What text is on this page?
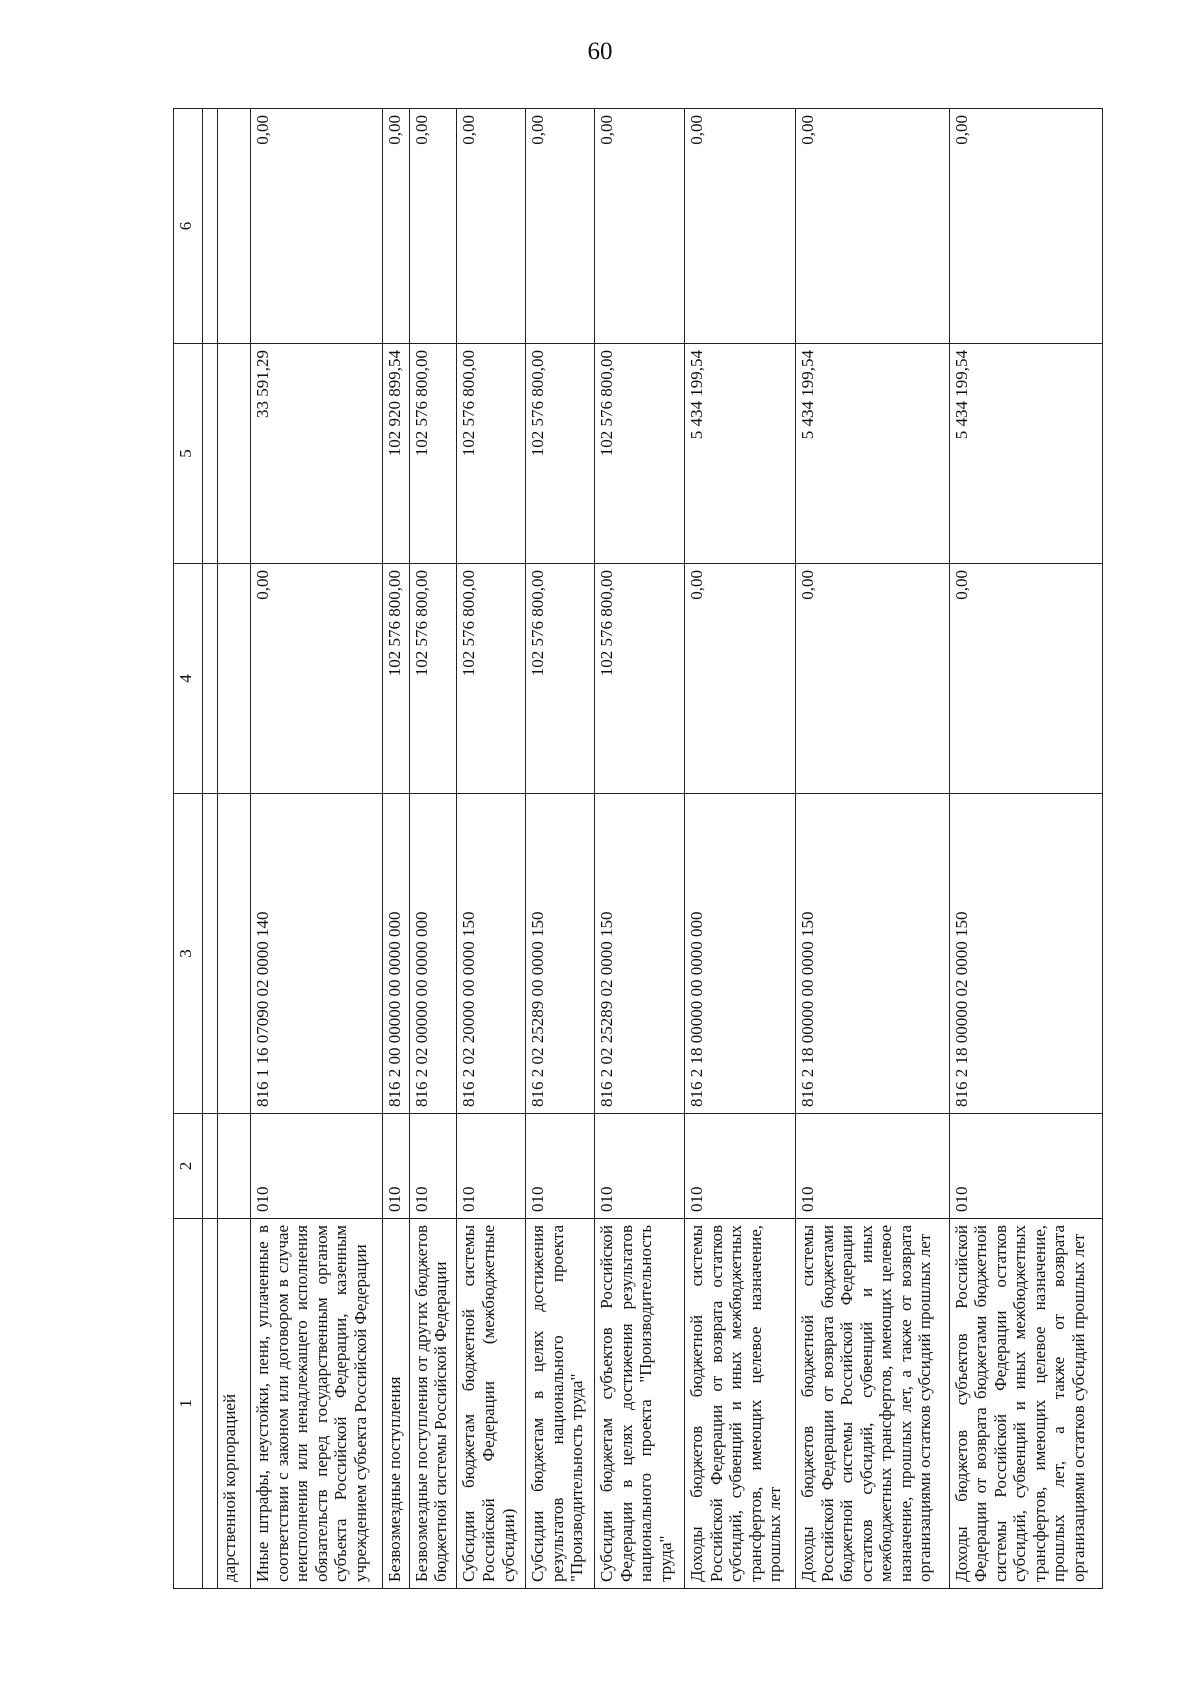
60
1	2	3	4	5	6

дарственной корпорацией					
Иные штрафы, неустойки, пени, уплаченные в соответствии с законом или договором в случае неисполнения или ненадлежащего исполнения обязательств перед государственным органом субъекта Российской Федерации, казенным учреждением субъекта Российской Федерации	010	816 1 16 07090 02 0000 140	0,00	33 591,29	0,00
Безвозмездные поступления	010	816 2 00 00000 00 0000 000	102 576 800,00	102 920 899,54	0,00
Безвозмездные поступления от других бюджетов бюджетной системы Российской Федерации	010	816 2 02 00000 00 0000 000	102 576 800,00	102 576 800,00	0,00
Субсидии бюджетам бюджетной системы Российской Федерации (межбюджетные субсидии)	010	816 2 02 20000 00 0000 150	102 576 800,00	102 576 800,00	0,00
Субсидии бюджетам в целях достижения результатов национального проекта "Производительность труда"	010	816 2 02 25289 00 0000 150	102 576 800,00	102 576 800,00	0,00
Субсидии бюджетам субъектов Российской Федерации в целях достижения результатов национального проекта "Производительность труда"	010	816 2 02 25289 02 0000 150	102 576 800,00	102 576 800,00	0,00
Доходы бюджетов бюджетной системы Российской Федерации от возврата остатков субсидий, субвенций и иных межбюджетных трансфертов, имеющих целевое назначение, прошлых лет	010	816 2 18 00000 00 0000 000	0,00	5 434 199,54	0,00
Доходы бюджетов бюджетной системы Российской Федерации от возврата бюджетами бюджетной системы Российской Федерации остатков субсидий, субвенций и иных межбюджетных трансфертов, имеющих целевое назначение, прошлых лет, а также от возврата организациями остатков субсидий прошлых лет	010	816 2 18 00000 00 0000 150	0,00	5 434 199,54	0,00
Доходы бюджетов субъектов Российской Федерации от возврата бюджетами бюджетной системы Российской Федерации остатков субсидий, субвенций и иных межбюджетных трансфертов, имеющих целевое назначение, прошлых лет, а также от возврата организациями остатков субсидий прошлых лет	010	816 2 18 00000 02 0000 150	0,00	5 434 199,54	0,00
